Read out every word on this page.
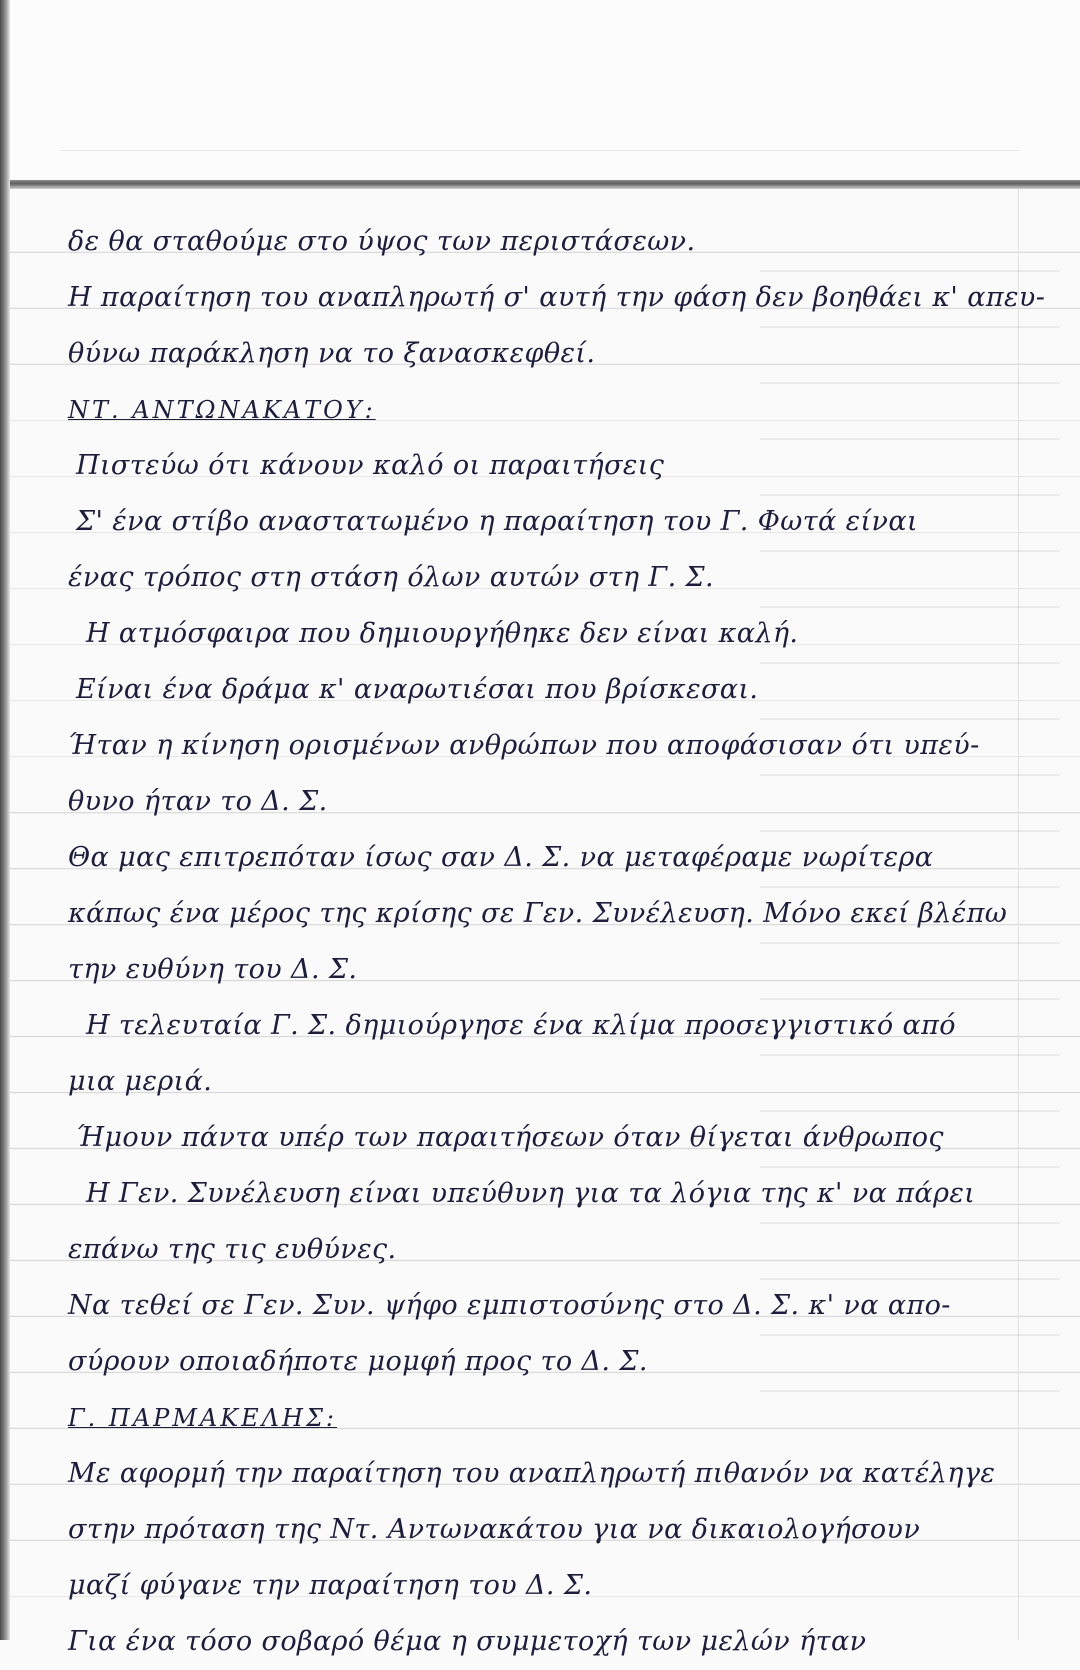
δε θα σταθούμε στο ύψος των περιστάσεων.
Η παραίτηση του αναπληρωτή σ' αυτή την φάση δεν βοηθάει κ' απευ-
θύνω παράκληση να το ξανασκεφθεί.
ΝΤ. ΑΝΤΩΝΑΚΑΤΟΥ:
Πιστεύω ότι κάνουν καλό οι παραιτήσεις
Σ' ένα στίβο αναστατωμένο η παραίτηση του Γ. Φωτά είναι
ένας τρόπος στη στάση όλων αυτών στη Γ. Σ.
Η ατμόσφαιρα που δημιουργήθηκε δεν είναι καλή.
Είναι ένα δράμα κ' αναρωτιέσαι που βρίσκεσαι.
Ήταν η κίνηση ορισμένων ανθρώπων που αποφάσισαν ότι υπεύ-
θυνο ήταν το Δ. Σ.
Θα μας επιτρεπόταν ίσως σαν Δ. Σ. να μεταφέραμε νωρίτερα
κάπως ένα μέρος της κρίσης σε Γεν. Συνέλευση. Μόνο εκεί βλέπω
την ευθύνη του Δ. Σ.
Η τελευταία Γ. Σ. δημιούργησε ένα κλίμα προσεγγιστικό από
μια μεριά.
Ήμουν πάντα υπέρ των παραιτήσεων όταν θίγεται άνθρωπος
Η Γεν. Συνέλευση είναι υπεύθυνη για τα λόγια της κ' να πάρει
επάνω της τις ευθύνες.
Να τεθεί σε Γεν. Συν. ψήφο εμπιστοσύνης στο Δ. Σ. κ' να απο-
σύρουν οποιαδήποτε μομφή προς το Δ. Σ.
Γ. ΠΑΡΜΑΚΕΛΗΣ:
Με αφορμή την παραίτηση του αναπληρωτή πιθανόν να κατέληγε
στην πρόταση της Ντ. Αντωνακάτου για να δικαιολογήσουν
μαζί φύγανε την παραίτηση του Δ. Σ.
Για ένα τόσο σοβαρό θέμα η συμμετοχή των μελών ήταν
